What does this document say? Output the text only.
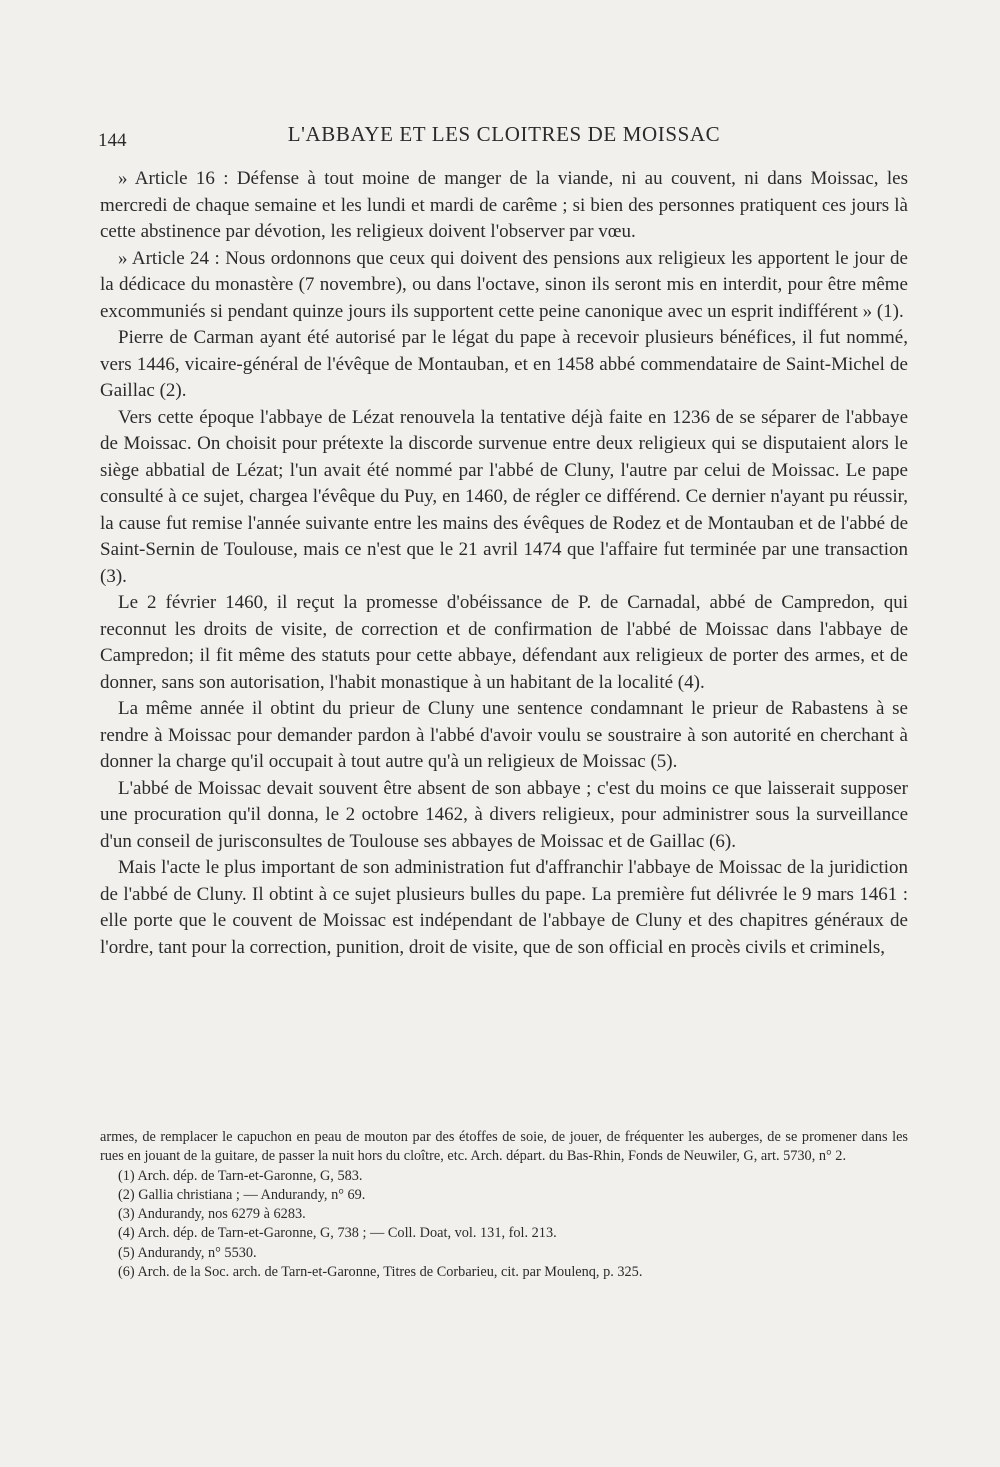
144	L'ABBAYE ET LES CLOITRES DE MOISSAC

» Article 16 : Défense à tout moine de manger de la viande, ni au couvent, ni dans Moissac, les mercredi de chaque semaine et les lundi et mardi de carême ; si bien des personnes pratiquent ces jours là cette abstinence par dévotion, les religieux doivent l'observer par vœu.

» Article 24 : Nous ordonnons que ceux qui doivent des pensions aux religieux les apportent le jour de la dédicace du monastère (7 novembre), ou dans l'octave, sinon ils seront mis en interdit, pour être même excommuniés si pendant quinze jours ils supportent cette peine canonique avec un esprit indifférent » (1).

Pierre de Carman ayant été autorisé par le légat du pape à recevoir plusieurs bénéfices, il fut nommé, vers 1446, vicaire-général de l'évêque de Montauban, et en 1458 abbé commendataire de Saint-Michel de Gaillac (2).

Vers cette époque l'abbaye de Lézat renouvela la tentative déjà faite en 1236 de se séparer de l'abbaye de Moissac. On choisit pour prétexte la discorde survenue entre deux religieux qui se disputaient alors le siège abbatial de Lézat; l'un avait été nommé par l'abbé de Cluny, l'autre par celui de Moissac. Le pape consulté à ce sujet, chargea l'évêque du Puy, en 1460, de régler ce différend. Ce dernier n'ayant pu réussir, la cause fut remise l'année suivante entre les mains des évêques de Rodez et de Montauban et de l'abbé de Saint-Sernin de Toulouse, mais ce n'est que le 21 avril 1474 que l'affaire fut terminée par une transaction (3).

Le 2 février 1460, il reçut la promesse d'obéissance de P. de Carnadal, abbé de Campredon, qui reconnut les droits de visite, de correction et de confirmation de l'abbé de Moissac dans l'abbaye de Campredon; il fit même des statuts pour cette abbaye, défendant aux religieux de porter des armes, et de donner, sans son autorisation, l'habit monastique à un habitant de la localité (4).

La même année il obtint du prieur de Cluny une sentence condamnant le prieur de Rabastens à se rendre à Moissac pour demander pardon à l'abbé d'avoir voulu se soustraire à son autorité en cherchant à donner la charge qu'il occupait à tout autre qu'à un religieux de Moissac (5).

L'abbé de Moissac devait souvent être absent de son abbaye ; c'est du moins ce que laisserait supposer une procuration qu'il donna, le 2 octobre 1462, à divers religieux, pour administrer sous la surveillance d'un conseil de jurisconsultes de Toulouse ses abbayes de Moissac et de Gaillac (6).

Mais l'acte le plus important de son administration fut d'affranchir l'abbaye de Moissac de la juridiction de l'abbé de Cluny. Il obtint à ce sujet plusieurs bulles du pape. La première fut délivrée le 9 mars 1461 : elle porte que le couvent de Moissac est indépendant de l'abbaye de Cluny et des chapitres généraux de l'ordre, tant pour la correction, punition, droit de visite, que de son official en procès civils et criminels,

armes, de remplacer le capuchon en peau de mouton par des étoffes de soie, de jouer, de fréquenter les auberges, de se promener dans les rues en jouant de la guitare, de passer la nuit hors du cloître, etc. Arch. départ. du Bas-Rhin, Fonds de Neuwiler, G, art. 5730, n° 2.

(1) Arch. dép. de Tarn-et-Garonne, G, 583.

(2) Gallia christiana ; — Andurandy, n° 69.

(3) Andurandy, nos 6279 à 6283.

(4) Arch. dép. de Tarn-et-Garonne, G, 738 ; — Coll. Doat, vol. 131, fol. 213.

(5) Andurandy, n° 5530.

(6) Arch. de la Soc. arch. de Tarn-et-Garonne, Titres de Corbarieu, cit. par Moulenq, p. 325.
